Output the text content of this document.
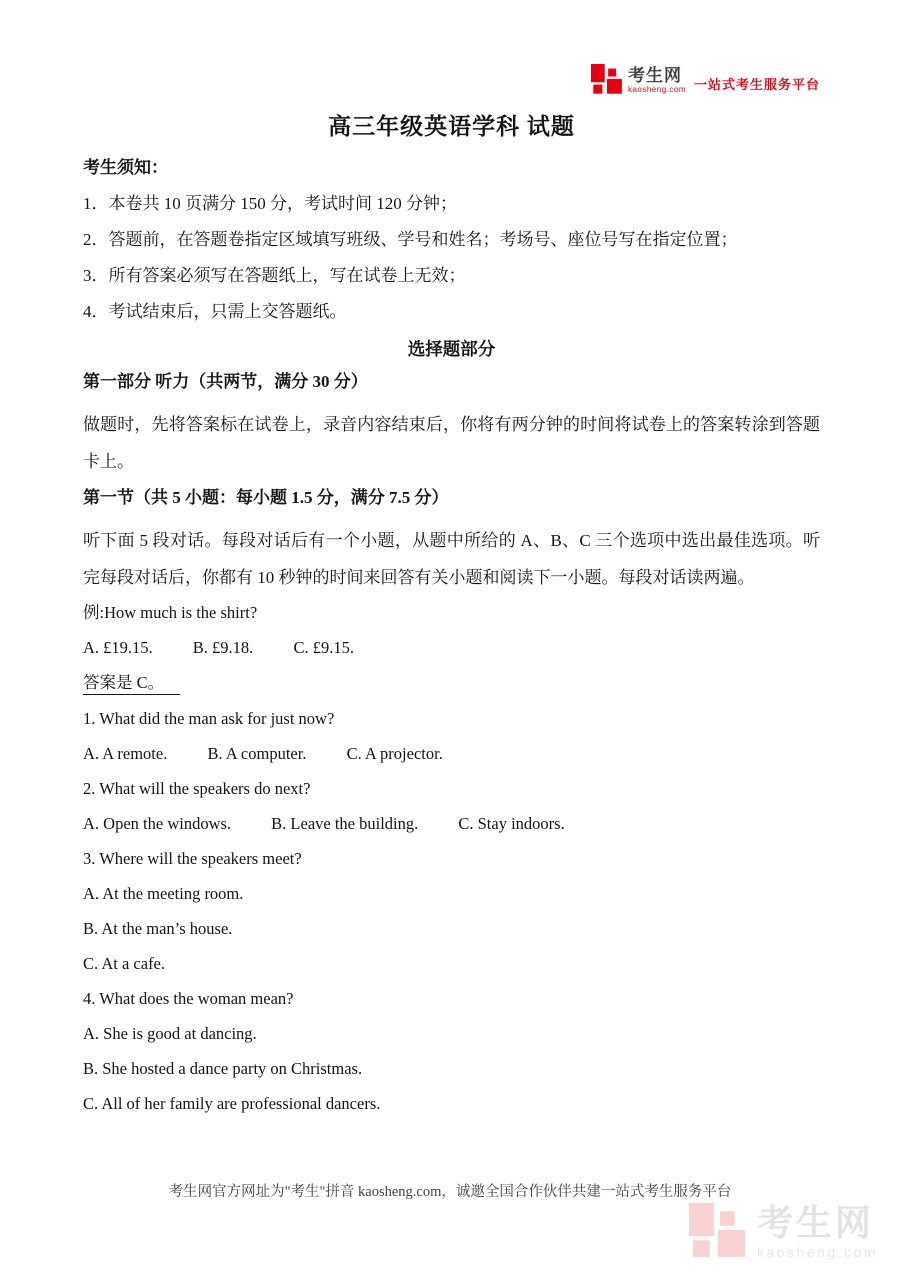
考生网
kaosheng.com 一站式考生服务平台
高三年级英语学科 试题

考生须知：

1．本卷共 10 页满分 150 分，考试时间 120 分钟；

2．答题前，在答题卷指定区域填写班级、学号和姓名；考场号、座位号写在指定位置；

3．所有答案必须写在答题纸上，写在试卷上无效；

4．考试结束后，只需上交答题纸。

选择题部分

第一部分 听力（共两节，满分 30 分）

做题时，先将答案标在试卷上，录音内容结束后，你将有两分钟的时间将试卷上的答案转涂到答题卡上。

第一节（共 5 小题：每小题 1.5 分，满分 7.5 分）

听下面 5 段对话。每段对话后有一个小题，从题中所给的 A、B、C 三个选项中选出最佳选项。听完每段对话后，你都有 10 秒钟的时间来回答有关小题和阅读下一小题。每段对话读两遍。

例:How much is the shirt?

A. £19.15. B. £9.18. C. £9.15.

答案是 C。

1. What did the man ask for just now?

A. A remote. B. A computer. C. A projector.

2. What will the speakers do next?

A. Open the windows. B. Leave the building. C. Stay indoors.

3. Where will the speakers meet?

A. At the meeting room.

B. At the man’s house.

C. At a cafe.

4. What does the woman mean?

A. She is good at dancing.

B. She hosted a dance party on Christmas.

C. All of her family are professional dancers.

考生网官方网址为"考生"拼音 kaosheng.com，诚邀全国合作伙伴共建一站式考生服务平台
考生网
kaosheng.com
